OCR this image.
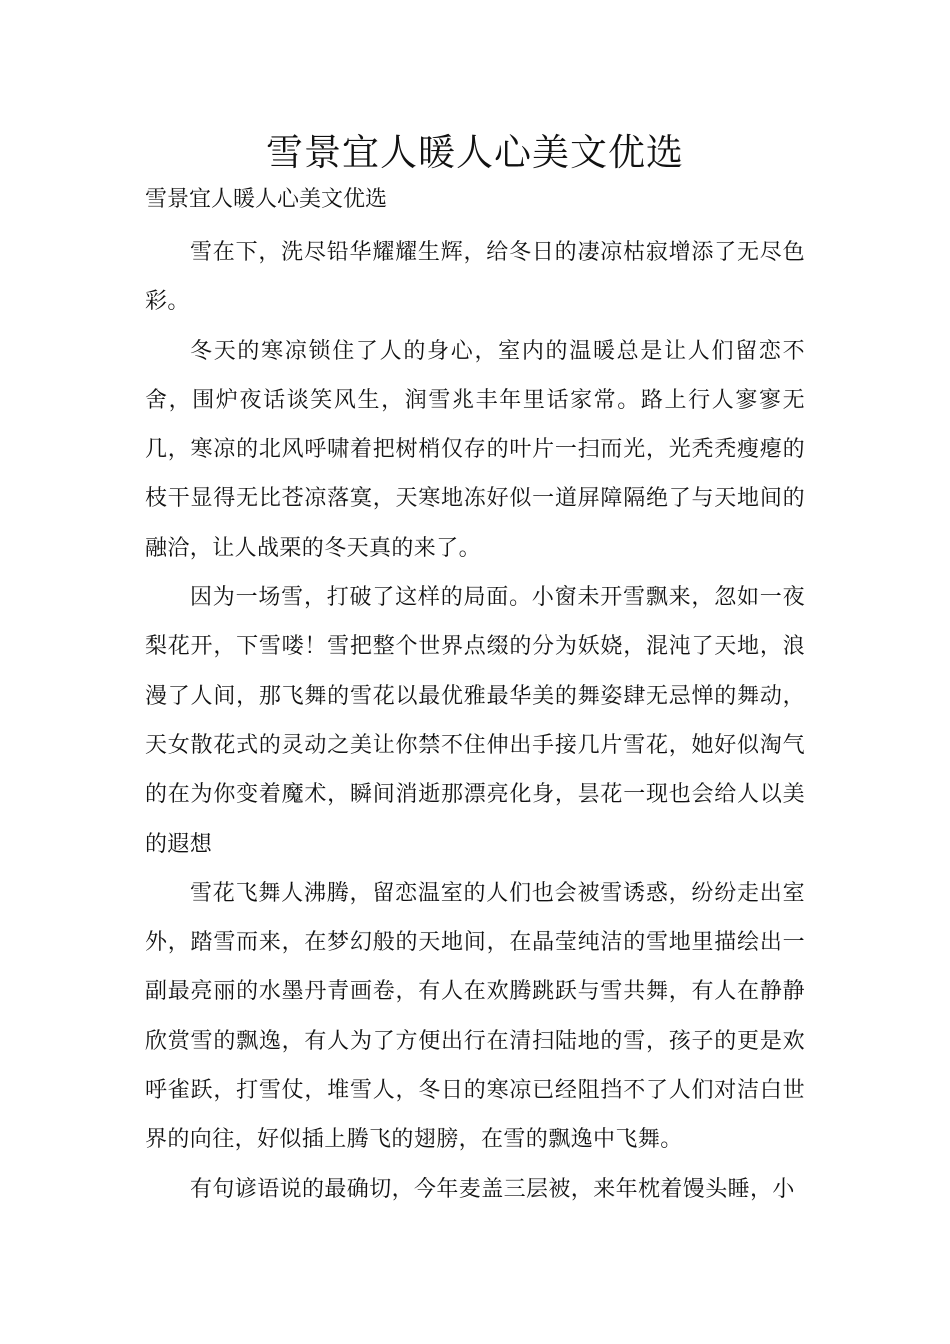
雪景宜人暖人心美文优选

雪景宜人暖人心美文优选

雪在下，洗尽铅华耀耀生辉，给冬日的凄凉枯寂增添了无尽色彩。

冬天的寒凉锁住了人的身心，室内的温暖总是让人们留恋不舍，围炉夜话谈笑风生，润雪兆丰年里话家常。路上行人寥寥无几，寒凉的北风呼啸着把树梢仅存的叶片一扫而光，光秃秃瘦瘪的枝干显得无比苍凉落寞，天寒地冻好似一道屏障隔绝了与天地间的融洽，让人战栗的冬天真的来了。

因为一场雪，打破了这样的局面。小窗未开雪飘来，忽如一夜梨花开，下雪喽！雪把整个世界点缀的分为妖娆，混沌了天地，浪漫了人间，那飞舞的雪花以最优雅最华美的舞姿肆无忌惮的舞动，天女散花式的灵动之美让你禁不住伸出手接几片雪花，她好似淘气的在为你变着魔术，瞬间消逝那漂亮化身，昙花一现也会给人以美的遐想

雪花飞舞人沸腾，留恋温室的人们也会被雪诱惑，纷纷走出室外，踏雪而来，在梦幻般的天地间，在晶莹纯洁的雪地里描绘出一副最亮丽的水墨丹青画卷，有人在欢腾跳跃与雪共舞，有人在静静欣赏雪的飘逸，有人为了方便出行在清扫陆地的雪，孩子的更是欢呼雀跃，打雪仗，堆雪人，冬日的寒凉已经阻挡不了人们对洁白世界的向往，好似插上腾飞的翅膀，在雪的飘逸中飞舞。

有句谚语说的最确切，今年麦盖三层被，来年枕着馒头睡，小
